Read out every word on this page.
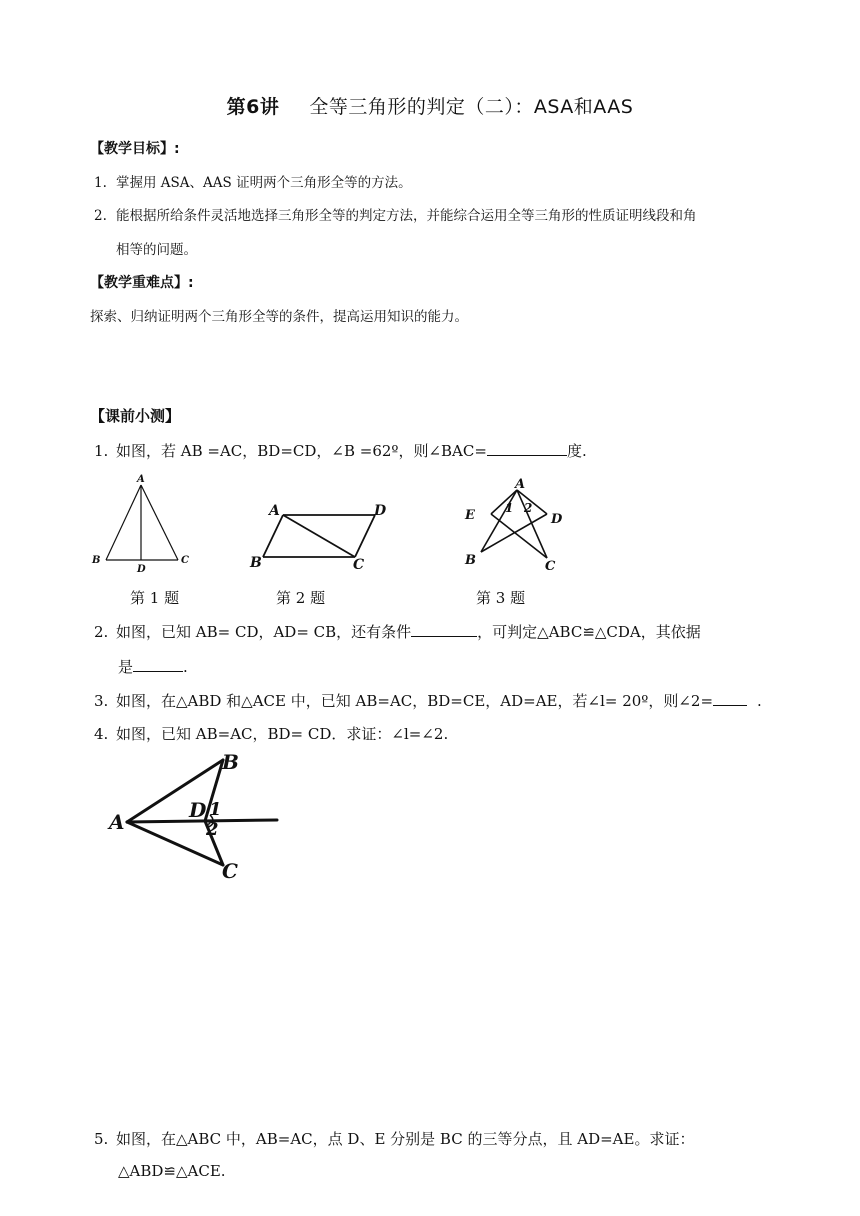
第6讲 全等三角形的判定（二）：ASA和AAS
【教学目标】:
1. 掌握用 ASA、AAS 证明两个三角形全等的方法。
2. 能根据所给条件灵活地选择三角形全等的判定方法，并能综合运用全等三角形的性质证明线段和角
相等的问题。
【教学重难点】:
探索、归纳证明两个三角形全等的条件，提高运用知识的能力。
【课前小测】
1. 如图，若 AB =AC，BD=CD，∠B =62º，则∠BAC=	度.
A
B
D
C
A	D
B	C
A
E	1 2
D
B	C
第 1 题	第 2 题	第 3 题
2. 如图，已知 AB= CD，AD= CB，还有条件	，可判定△ABC≌△CDA，其依据
是	.
3. 如图，在△ABD 和△ACE 中，已知 AB=AC，BD=CE，AD=AE，若∠l= 20º，则∠2=	.
4. 如图，已知 AB=AC，BD= CD．求证：∠l=∠2.
A
B
D 1
2
C
5. 如图，在△ABC 中，AB=AC，点 D、E 分别是 BC 的三等分点，且 AD=AE。求证：
△ABD≌△ACE.
